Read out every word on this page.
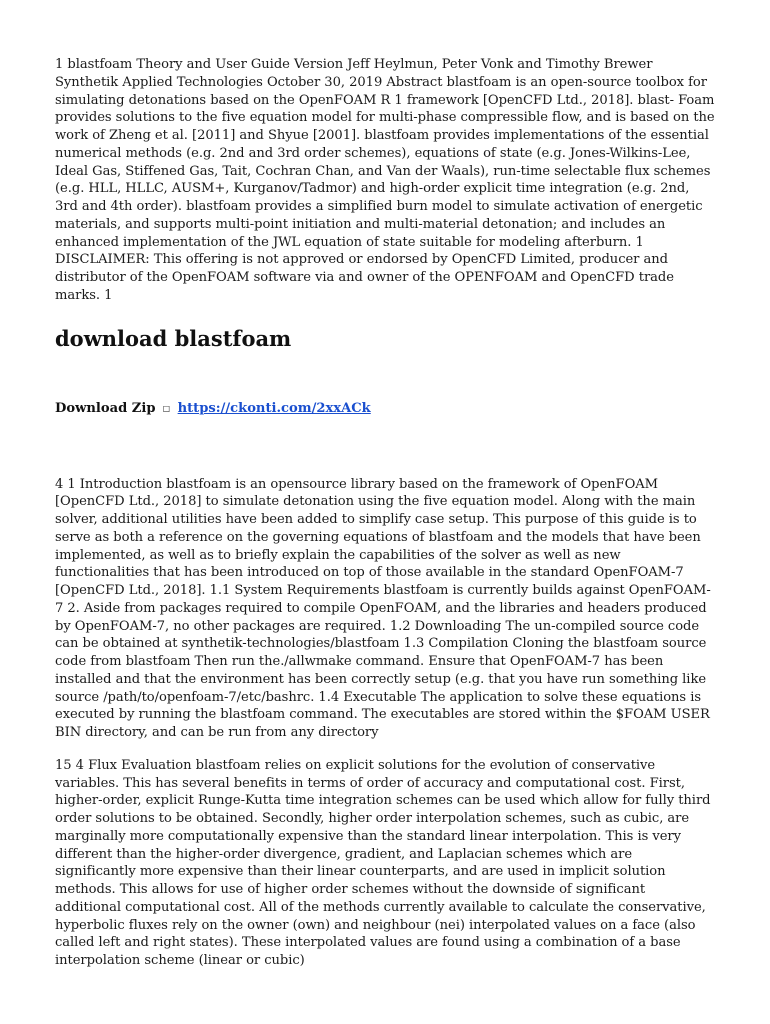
1 blastfoam Theory and User Guide Version Jeff Heylmun, Peter Vonk and Timothy Brewer Synthetik Applied Technologies October 30, 2019 Abstract blastfoam is an open-source toolbox for simulating detonations based on the OpenFOAM R 1 framework [OpenCFD Ltd., 2018]. blast- Foam provides solutions to the five equation model for multi-phase compressible flow, and is based on the work of Zheng et al. [2011] and Shyue [2001]. blastfoam provides implementations of the essential numerical methods (e.g. 2nd and 3rd order schemes), equations of state (e.g. Jones-Wilkins-Lee, Ideal Gas, Stiffened Gas, Tait, Cochran Chan, and Van der Waals), run-time selectable flux schemes (e.g. HLL, HLLC, AUSM+, Kurganov/Tadmor) and high-order explicit time integration (e.g. 2nd, 3rd and 4th order). blastfoam provides a simplified burn model to simulate activation of energetic materials, and supports multi-point initiation and multi-material detonation; and includes an enhanced implementation of the JWL equation of state suitable for modeling afterburn. 1 DISCLAIMER: This offering is not approved or endorsed by OpenCFD Limited, producer and distributor of the OpenFOAM software via and owner of the OPENFOAM and OpenCFD trade marks. 1

download blastfoam

Download Zip ☐ https://ckonti.com/2xxACk

4 1 Introduction blastfoam is an opensource library based on the framework of OpenFOAM [OpenCFD Ltd., 2018] to simulate detonation using the five equation model. Along with the main solver, additional utilities have been added to simplify case setup. This purpose of this guide is to serve as both a reference on the governing equations of blastfoam and the models that have been implemented, as well as to briefly explain the capabilities of the solver as well as new functionalities that has been introduced on top of those available in the standard OpenFOAM-7 [OpenCFD Ltd., 2018]. 1.1 System Requirements blastfoam is currently builds against OpenFOAM-7 2. Aside from packages required to compile OpenFOAM, and the libraries and headers produced by OpenFOAM-7, no other packages are required. 1.2 Downloading The un-compiled source code can be obtained at synthetik-technologies/blastfoam 1.3 Compilation Cloning the blastfoam source code from blastfoam Then run the./allwmake command. Ensure that OpenFOAM-7 has been installed and that the environment has been correctly setup (e.g. that you have run something like source /path/to/openfoam-7/etc/bashrc. 1.4 Executable The application to solve these equations is executed by running the blastfoam command. The executables are stored within the $FOAM USER BIN directory, and can be run from any directory

15 4 Flux Evaluation blastfoam relies on explicit solutions for the evolution of conservative variables. This has several benefits in terms of order of accuracy and computational cost. First, higher-order, explicit Runge-Kutta time integration schemes can be used which allow for fully third order solutions to be obtained. Secondly, higher order interpolation schemes, such as cubic, are marginally more computationally expensive than the standard linear interpolation. This is very different than the higher-order divergence, gradient, and Laplacian schemes which are significantly more expensive than their linear counterparts, and are used in implicit solution methods. This allows for use of higher order schemes without the downside of significant additional computational cost. All of the methods currently available to calculate the conservative, hyperbolic fluxes rely on the owner (own) and neighbour (nei) interpolated values on a face (also called left and right states). These interpolated values are found using a combination of a base interpolation scheme (linear or cubic)
